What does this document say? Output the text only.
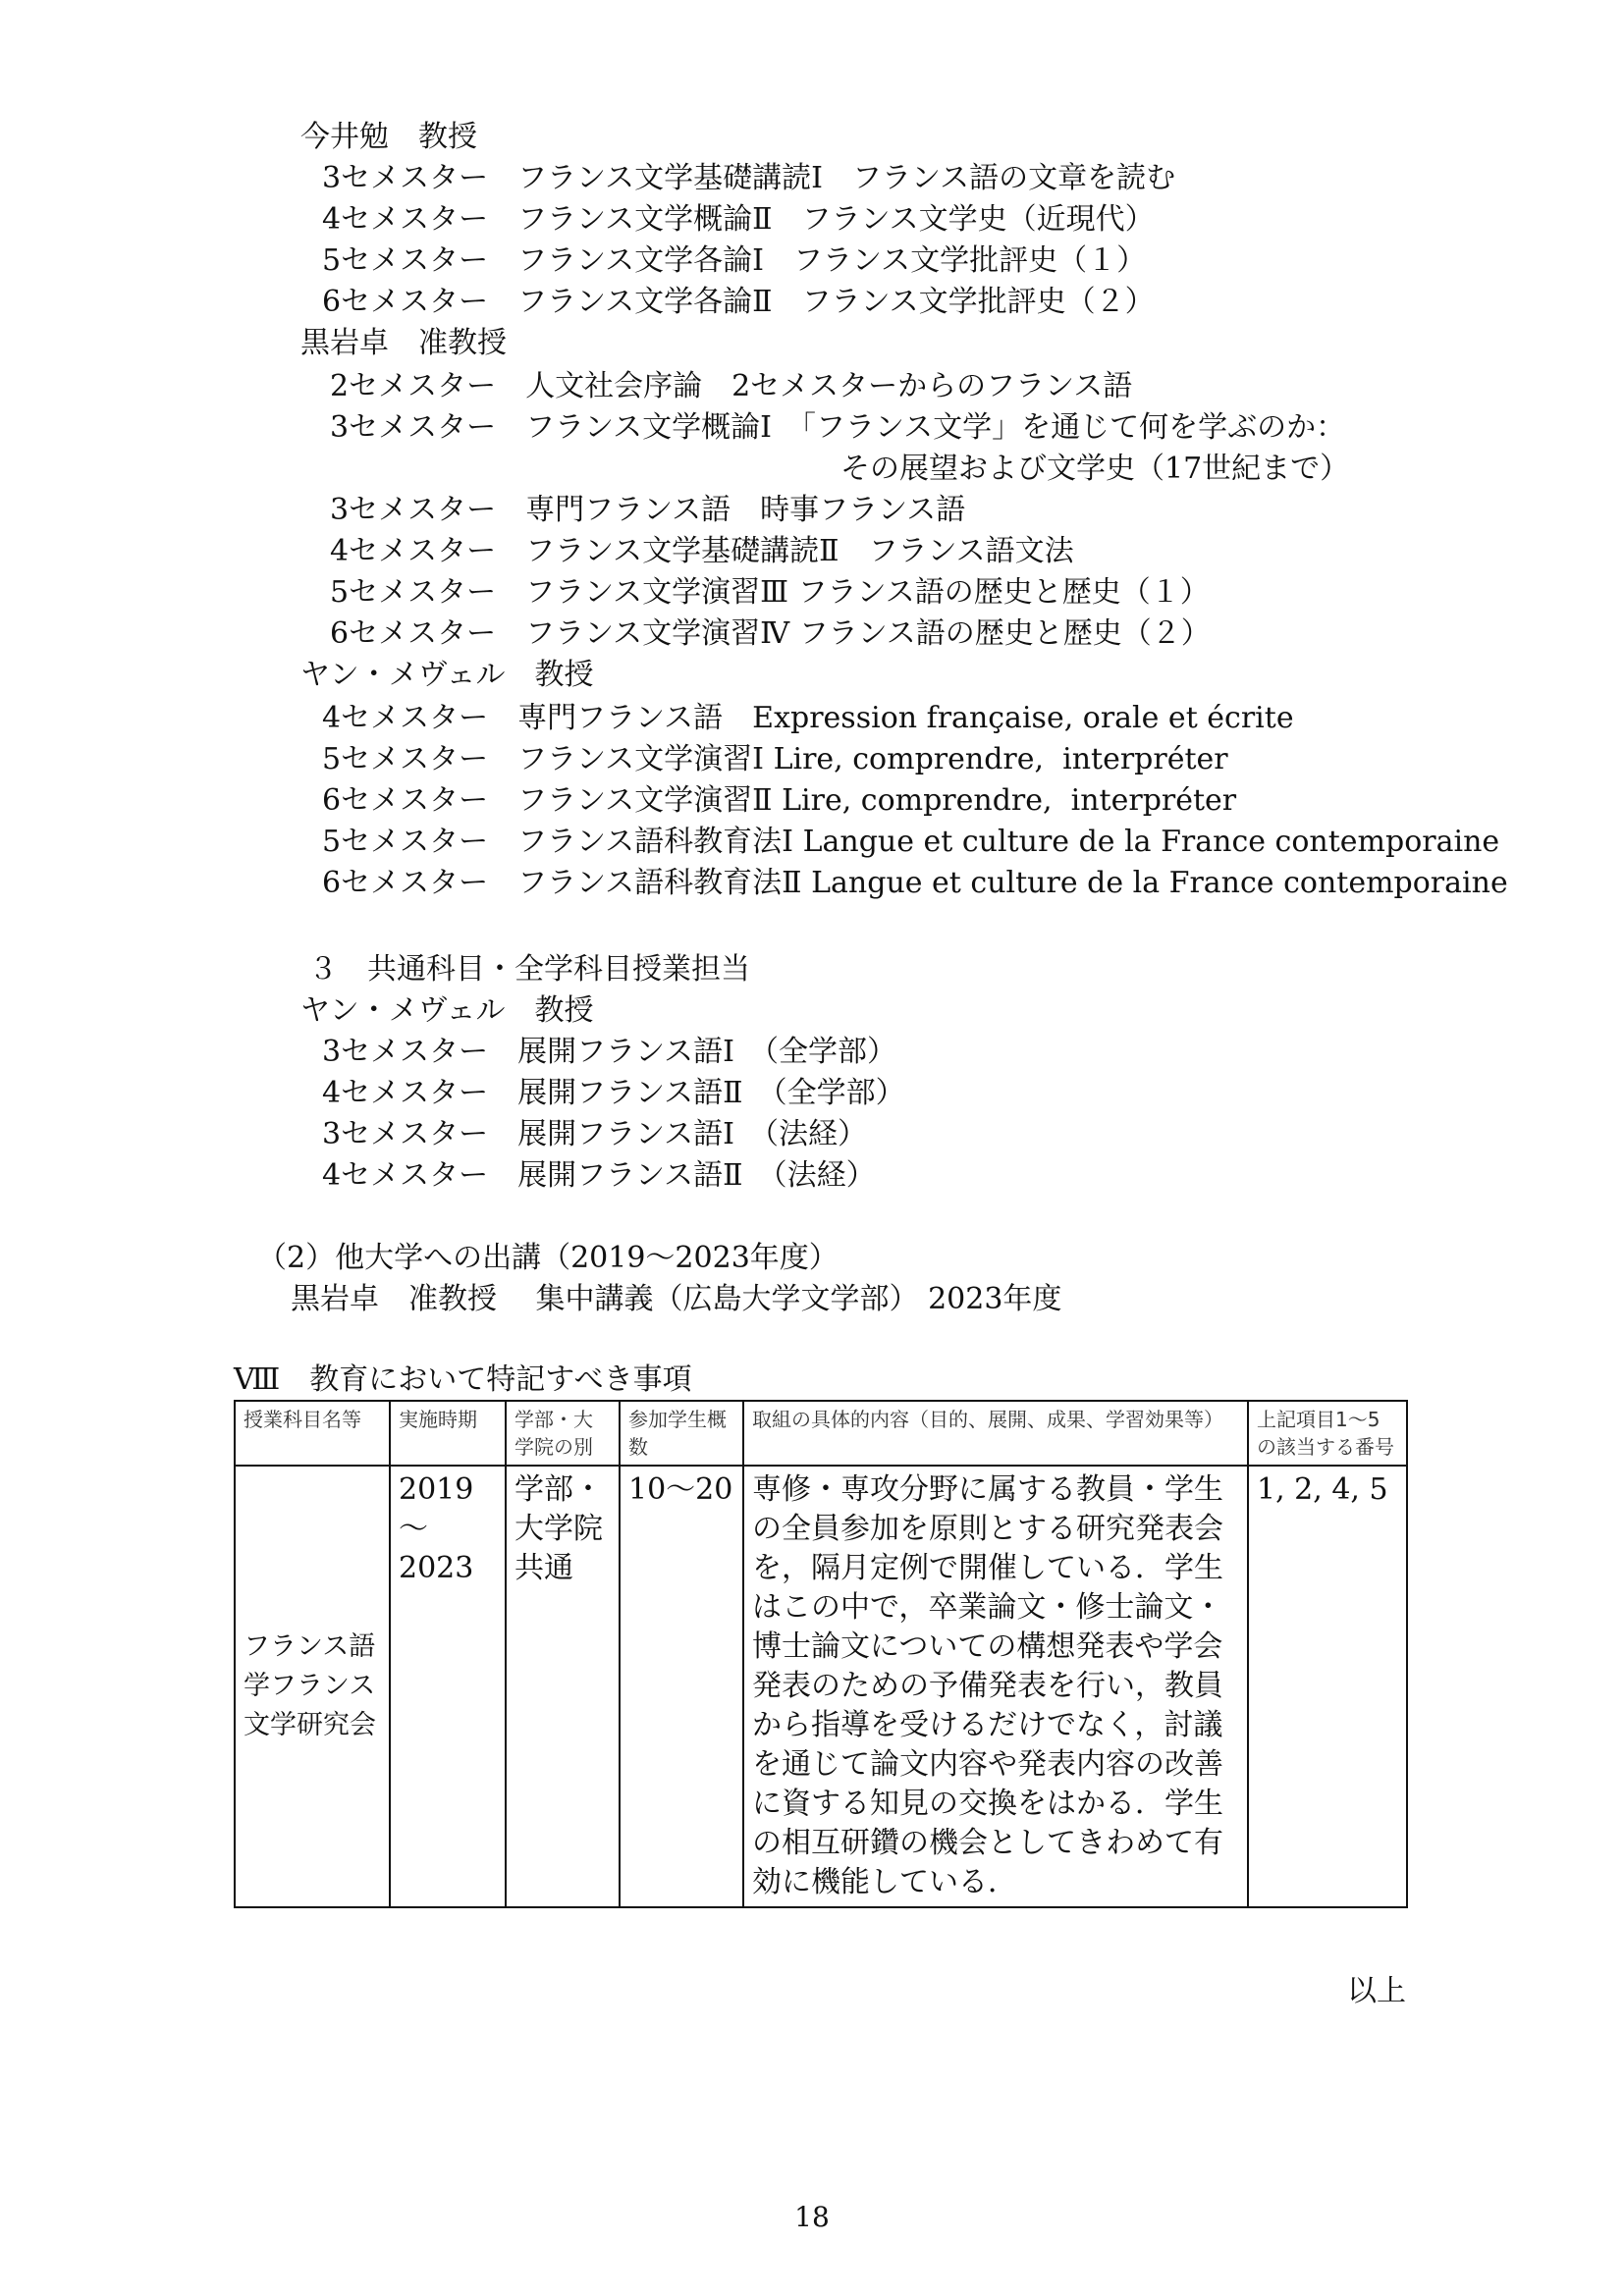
今井勉　教授
3セメスター　フランス文学基礎講読Ⅰ　フランス語の文章を読む
4セメスター　フランス文学概論Ⅱ　フランス文学史（近現代）
5セメスター　フランス文学各論Ⅰ　フランス文学批評史（１）
6セメスター　フランス文学各論Ⅱ　フランス文学批評史（２）
黒岩卓　准教授
2セメスター　人文社会序論　2セメスターからのフランス語
3セメスター　フランス文学概論Ⅰ　「フランス文学」を通じて何を学ぶのか：
その展望および文学史（17世紀まで）
3セメスター　専門フランス語　時事フランス語
4セメスター　フランス文学基礎講読Ⅱ　フランス語文法
5セメスター　フランス文学演習Ⅲ フランス語の歴史と歴史（１）
6セメスター　フランス文学演習Ⅳ フランス語の歴史と歴史（２）
ヤン・メヴェル　教授
4セメスター　専門フランス語　Expression française, orale et écrite
5セメスター　フランス文学演習Ⅰ Lire, comprendre,  interpréter
6セメスター　フランス文学演習Ⅱ Lire, comprendre,  interpréter
5セメスター　フランス語科教育法Ⅰ Langue et culture de la France contemporaine
6セメスター　フランス語科教育法Ⅱ Langue et culture de la France contemporaine
３　共通科目・全学科目授業担当
ヤン・メヴェル　教授
3セメスター　展開フランス語Ⅰ　（全学部）
4セメスター　展開フランス語Ⅱ　（全学部）
3セメスター　展開フランス語Ⅰ　（法経）
4セメスター　展開フランス語Ⅱ　（法経）
（2）他大学への出講（2019～2023年度）
黒岩卓　准教授　 集中講義（広島大学文学部） 2023年度
Ⅷ　教育において特記すべき事項
授業科目名等	実施時期	学部・大学院の別	参加学生概数	取組の具体的内容（目的、展開、成果、学習効果等）	上記項目1～5の該当する番号
フランス語学フランス文学研究会	2019～2023	学部・大学院共通	10～20	専修・専攻分野に属する教員・学生の全員参加を原則とする研究発表会を，隔月定例で開催している．学生はこの中で，卒業論文・修士論文・博士論文についての構想発表や学会発表のための予備発表を行い，教員から指導を受けるだけでなく，討議を通じて論文内容や発表内容の改善に資する知見の交換をはかる．学生の相互研鑽の機会としてきわめて有効に機能している．	1, 2, 4, 5
以上
18
